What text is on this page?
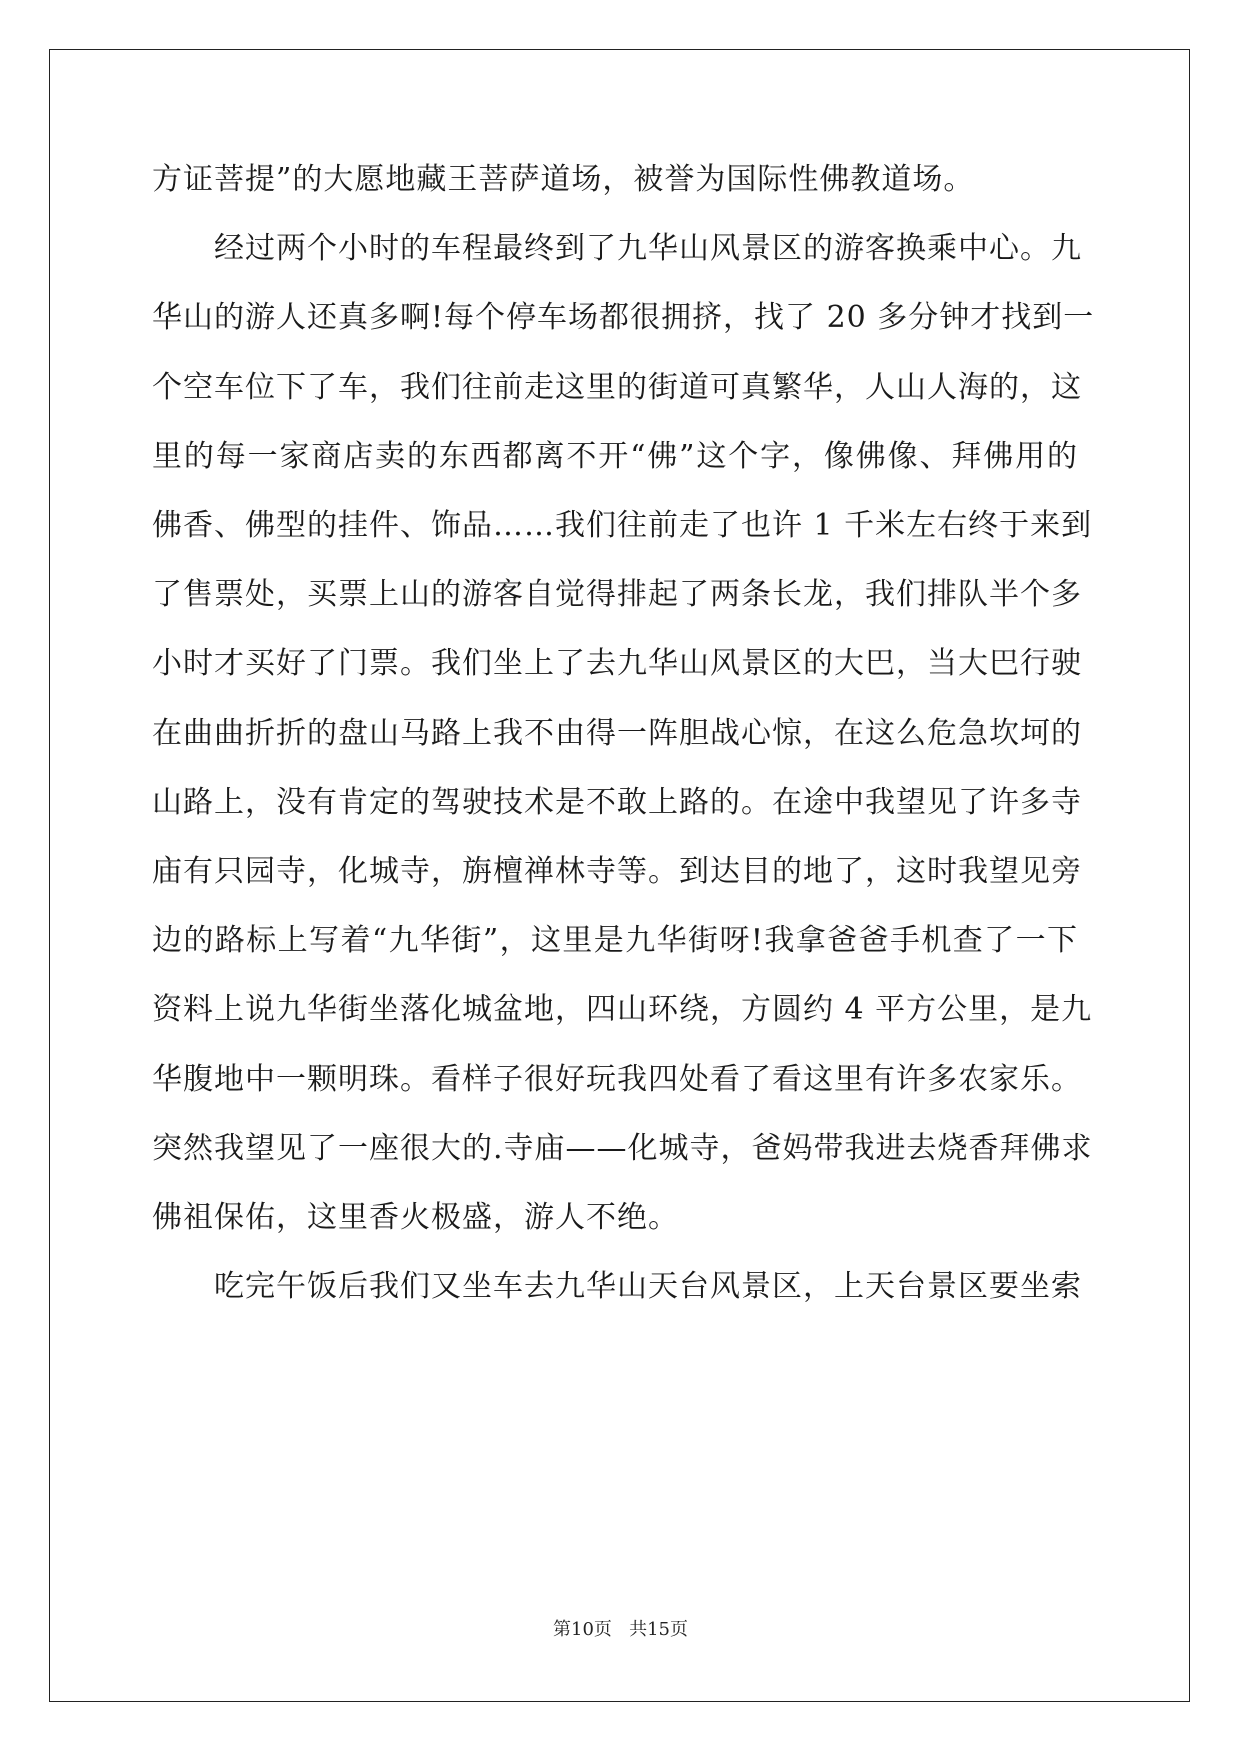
方证菩提”的大愿地藏王菩萨道场，被誉为国际性佛教道场。
经过两个小时的车程最终到了九华山风景区的游客换乘中心。九
华山的游人还真多啊!每个停车场都很拥挤，找了 20 多分钟才找到一
个空车位下了车，我们往前走这里的街道可真繁华，人山人海的，这
里的每一家商店卖的东西都离不开“佛”这个字，像佛像、拜佛用的
佛香、佛型的挂件、饰品……我们往前走了也许 1 千米左右终于来到
了售票处，买票上山的游客自觉得排起了两条长龙，我们排队半个多
小时才买好了门票。我们坐上了去九华山风景区的大巴，当大巴行驶
在曲曲折折的盘山马路上我不由得一阵胆战心惊，在这么危急坎坷的
山路上，没有肯定的驾驶技术是不敢上路的。在途中我望见了许多寺
庙有只园寺，化城寺，旃檀禅林寺等。到达目的地了，这时我望见旁
边的路标上写着“九华街”，这里是九华街呀!我拿爸爸手机查了一下
资料上说九华街坐落化城盆地，四山环绕，方圆约 4 平方公里，是九
华腹地中一颗明珠。看样子很好玩我四处看了看这里有许多农家乐。
突然我望见了一座很大的.寺庙——化城寺，爸妈带我进去烧香拜佛求
佛祖保佑，这里香火极盛，游人不绝。
吃完午饭后我们又坐车去九华山天台风景区，上天台景区要坐索
第10页 共15页
